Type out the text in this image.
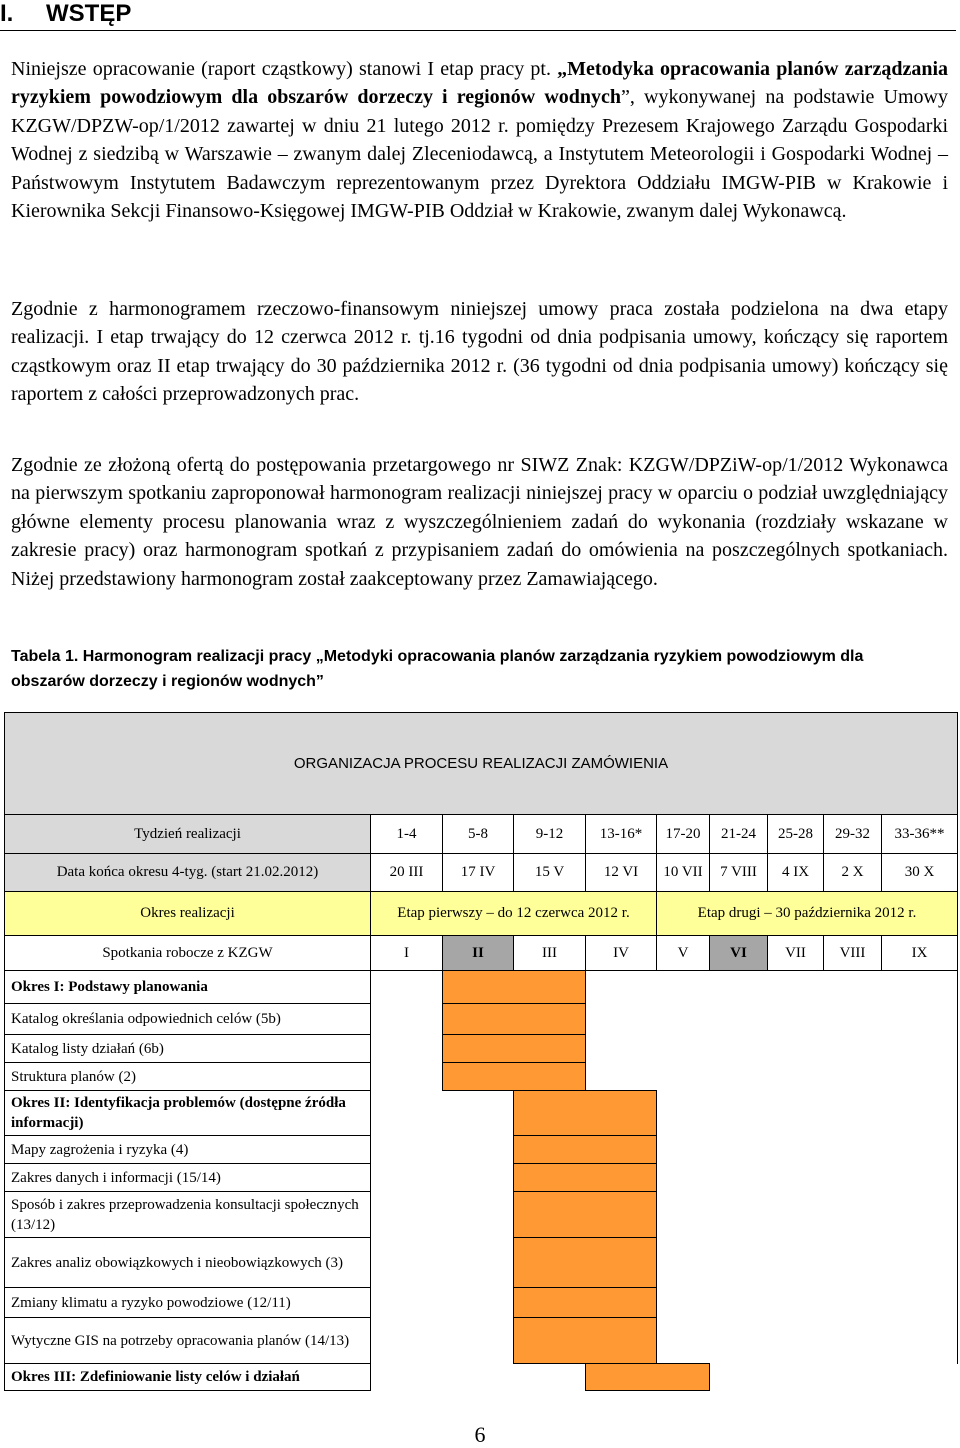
I. WSTĘP

Niniejsze opracowanie (raport cząstkowy) stanowi I etap pracy pt. „Metodyka opracowania planów zarządzania ryzykiem powodziowym dla obszarów dorzeczy i regionów wodnych”, wykonywanej na podstawie Umowy KZGW/DPZW-op/1/2012 zawartej w dniu 21 lutego 2012 r. pomiędzy Prezesem Krajowego Zarządu Gospodarki Wodnej z siedzibą w Warszawie – zwanym dalej Zleceniodawcą, a Instytutem Meteorologii i Gospodarki Wodnej – Państwowym Instytutem Badawczym reprezentowanym przez Dyrektora Oddziału IMGW-PIB w Krakowie i Kierownika Sekcji Finansowo-Księgowej IMGW-PIB Oddział w Krakowie, zwanym dalej Wykonawcą.

Zgodnie z harmonogramem rzeczowo-finansowym niniejszej umowy praca została podzielona na dwa etapy realizacji. I etap trwający do 12 czerwca 2012 r. tj.16 tygodni od dnia podpisania umowy, kończący się raportem cząstkowym oraz II etap trwający do 30 października 2012 r. (36 tygodni od dnia podpisania umowy) kończący się raportem z całości przeprowadzonych prac.

Zgodnie ze złożoną ofertą do postępowania przetargowego nr SIWZ Znak: KZGW/DPZiW-op/1/2012 Wykonawca na pierwszym spotkaniu zaproponował harmonogram realizacji niniejszej pracy w oparciu o podział uwzględniający główne elementy procesu planowania wraz z wyszczególnieniem zadań do wykonania (rozdziały wskazane w zakresie pracy) oraz harmonogram spotkań z przypisaniem zadań do omówienia na poszczególnych spotkaniach. Niżej przedstawiony harmonogram został zaakceptowany przez Zamawiającego.

Tabela 1. Harmonogram realizacji pracy „Metodyki opracowania planów zarządzania ryzykiem powodziowym dla obszarów dorzeczy i regionów wodnych”

ORGANIZACJA PROCESU REALIZACJI ZAMÓWIENIA									
Tydzień realizacji	1-4	5-8	9-12	13-16*	17-20	21-24	25-28	29-32	33-36**
Data końca okresu 4-tyg. (start 21.02.2012)	20 III	17 IV	15 V	12 VI	10 VII	7 VIII	4 IX	2 X	30 X
Okres realizacji	Etap pierwszy – do 12 czerwca 2012 r.				Etap drugi – 30 października 2012 r.				
Spotkania robocze z KZGW	I	II	III	IV	V	VI	VII	VIII	IX
Okres I: Podstawy planowania									
Katalog określania odpowiednich celów (5b)									
Katalog listy działań (6b)									
Struktura planów (2)									
Okres II: Identyfikacja problemów (dostępne źródła informacji)									
Mapy zagrożenia i ryzyka (4)									
Zakres danych i informacji (15/14)									
Sposób i zakres przeprowadzenia konsultacji społecznych (13/12)									
Zakres analiz obowiązkowych i nieobowiązkowych (3)									
Zmiany klimatu a ryzyko powodziowe (12/11)									
Wytyczne GIS na potrzeby opracowania planów (14/13)									
Okres III: Zdefiniowanie listy celów i działań									
6
